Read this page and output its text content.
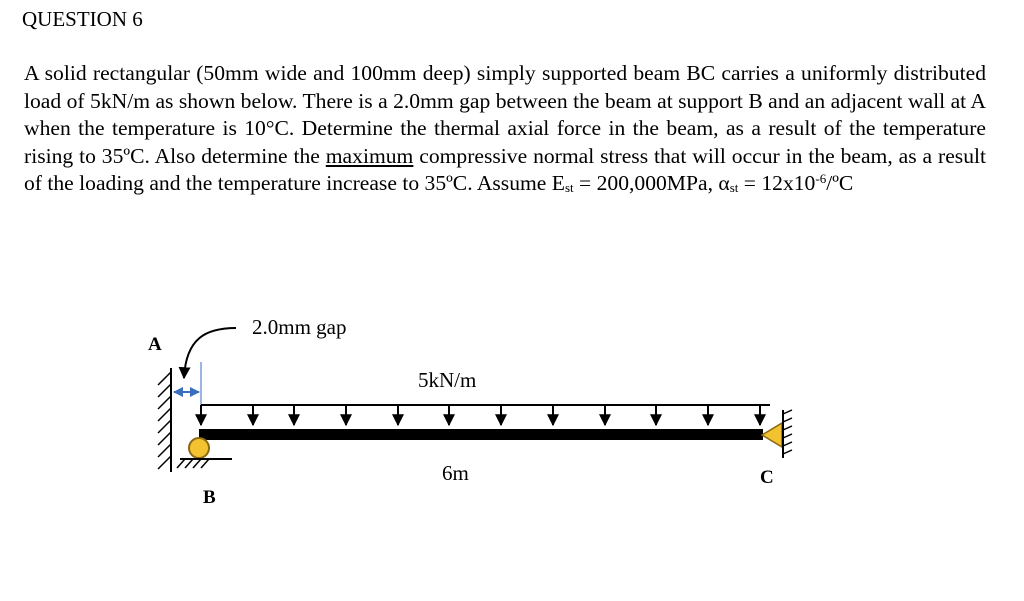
QUESTION 6

A solid rectangular (50mm wide and 100mm deep) simply supported beam BC carries a uniformly distributed load of 5kN/m as shown below. There is a 2.0mm gap between the beam at support B and an adjacent wall at A when the temperature is 10°C. Determine the thermal axial force in the beam, as a result of the temperature rising to 35ºC. Also determine the maximum compressive normal stress that will occur in the beam, as a result of the loading and the temperature increase to 35ºC. Assume $E_{st} = 200,000MPa$, $\alpha_{st}$ = $12x10^{-6}/ºC$

2.0mm gap
A
5kN/m
6m
B
C
